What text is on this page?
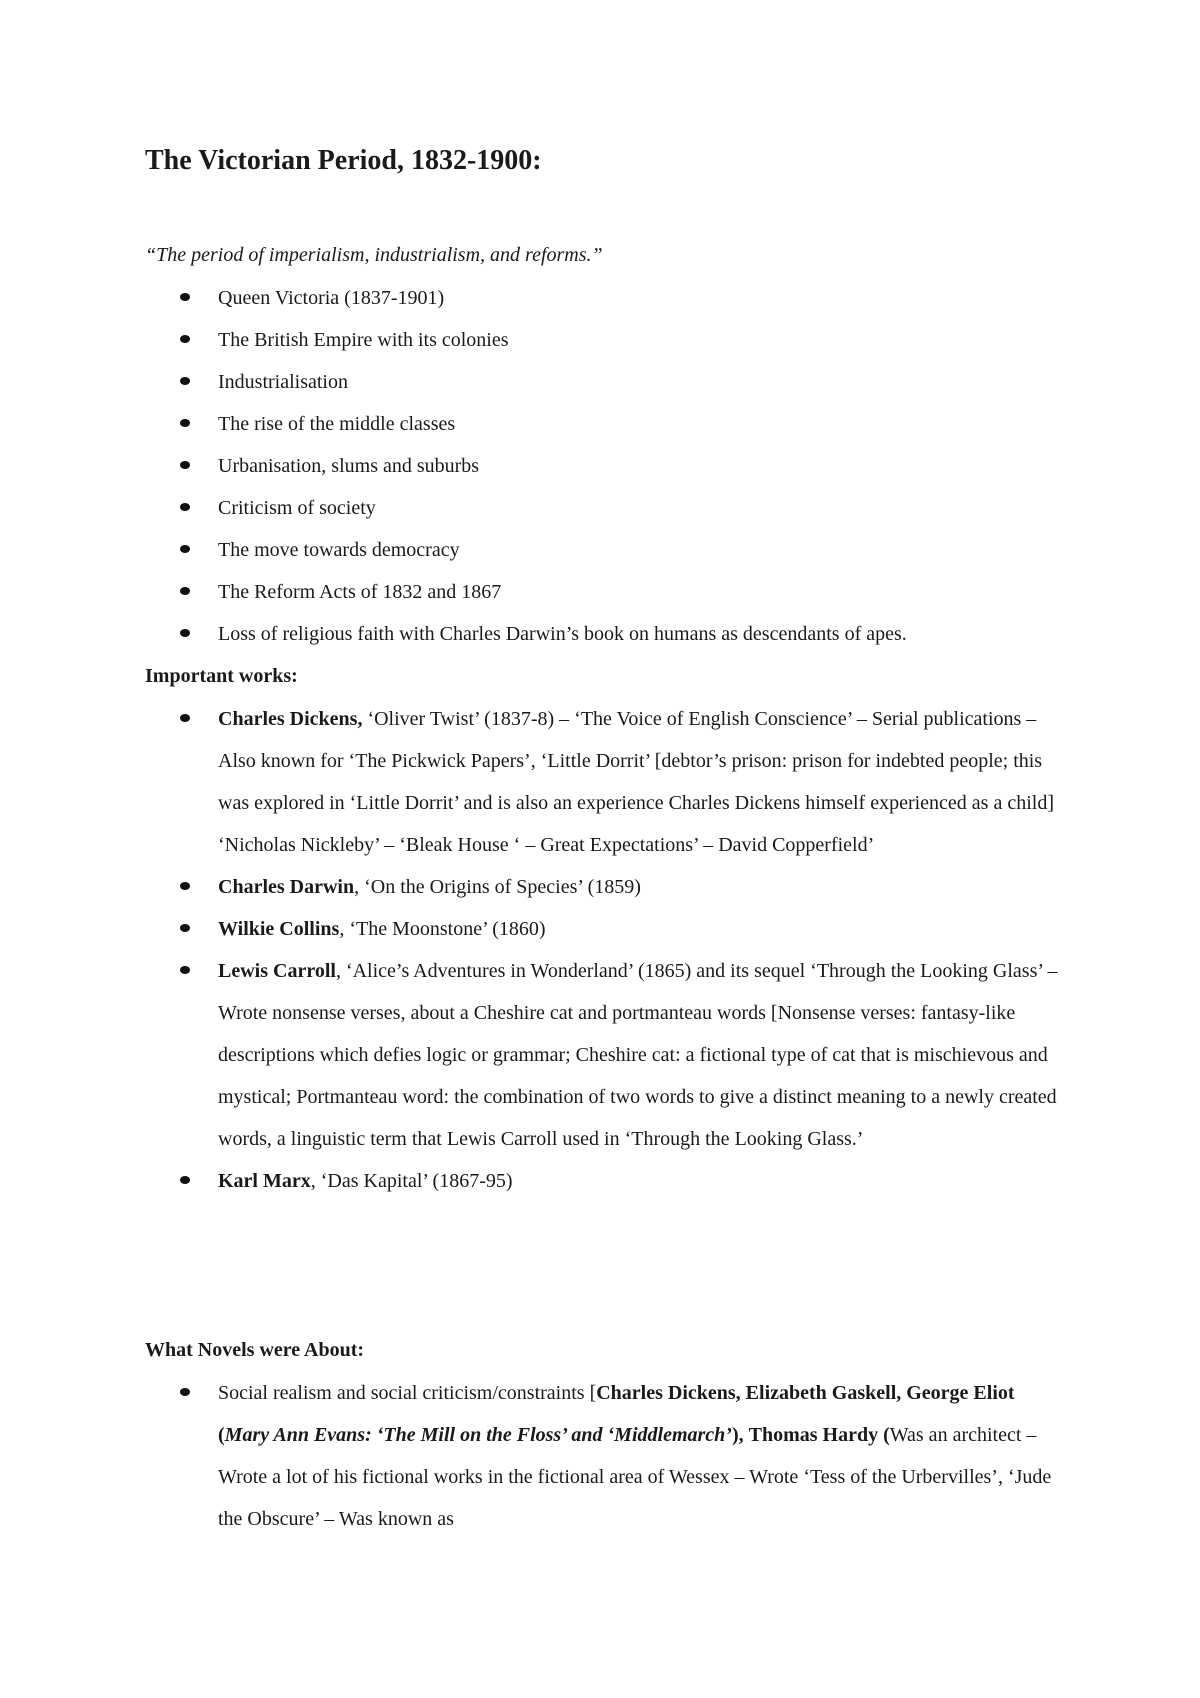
The Victorian Period, 1832-1900:

“The period of imperialism, industrialism, and reforms.”

Queen Victoria (1837-1901)
The British Empire with its colonies
Industrialisation
The rise of the middle classes
Urbanisation, slums and suburbs
Criticism of society
The move towards democracy
The Reform Acts of 1832 and 1867
Loss of religious faith with Charles Darwin’s book on humans as descendants of apes.
Important works:
Charles Dickens, ‘Oliver Twist’ (1837-8) – ‘The Voice of English Conscience’ – Serial publications – Also known for ‘The Pickwick Papers’, ‘Little Dorrit’ [debtor’s prison: prison for indebted people; this was explored in ‘Little Dorrit’ and is also an experience Charles Dickens himself experienced as a child] ‘Nicholas Nickleby’ – ‘Bleak House ‘ – Great Expectations’ – David Copperfield’
Charles Darwin, ‘On the Origins of Species’ (1859)
Wilkie Collins, ‘The Moonstone’ (1860)
Lewis Carroll, ‘Alice’s Adventures in Wonderland’ (1865) and its sequel ‘Through the Looking Glass’ – Wrote nonsense verses, about a Cheshire cat and portmanteau words [Nonsense verses: fantasy-like descriptions which defies logic or grammar; Cheshire cat: a fictional type of cat that is mischievous and mystical; Portmanteau word: the combination of two words to give a distinct meaning to a newly created words, a linguistic term that Lewis Carroll used in ‘Through the Looking Glass.’
Karl Marx, ‘Das Kapital’ (1867-95)
What Novels were About:
Social realism and social criticism/constraints [Charles Dickens, Elizabeth Gaskell, George Eliot (Mary Ann Evans: ‘The Mill on the Floss’ and ‘Middlemarch’), Thomas Hardy (Was an architect – Wrote a lot of his fictional works in the fictional area of Wessex – Wrote ‘Tess of the Urbervilles’, ‘Jude the Obscure’ – Was known as
